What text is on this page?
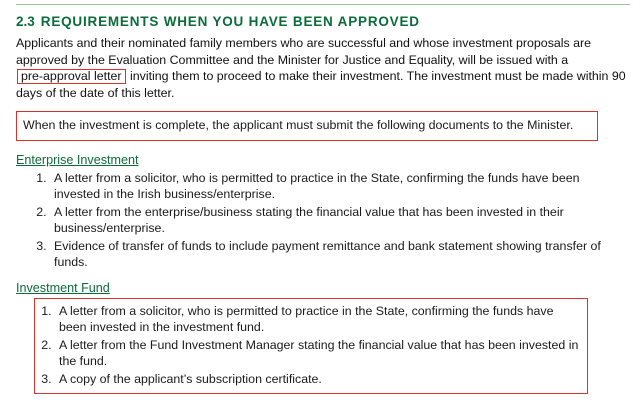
2.3 REQUIREMENTS WHEN YOU HAVE BEEN APPROVED

Applicants and their nominated family members who are successful and whose investment proposals are approved by the Evaluation Committee and the Minister for Justice and Equality, will be issued with a pre-approval letter inviting them to proceed to make their investment. The investment must be made within 90 days of the date of this letter.

When the investment is complete, the applicant must submit the following documents to the Minister.
Enterprise Investment
1. A letter from a solicitor, who is permitted to practice in the State, confirming the funds have been invested in the Irish business/enterprise.
2. A letter from the enterprise/business stating the financial value that has been invested in their business/enterprise.
3. Evidence of transfer of funds to include payment remittance and bank statement showing transfer of funds.
Investment Fund
1. A letter from a solicitor, who is permitted to practice in the State, confirming the funds have been invested in the investment fund.
2. A letter from the Fund Investment Manager stating the financial value that has been invested in the fund.
3. A copy of the applicant’s subscription certificate.
